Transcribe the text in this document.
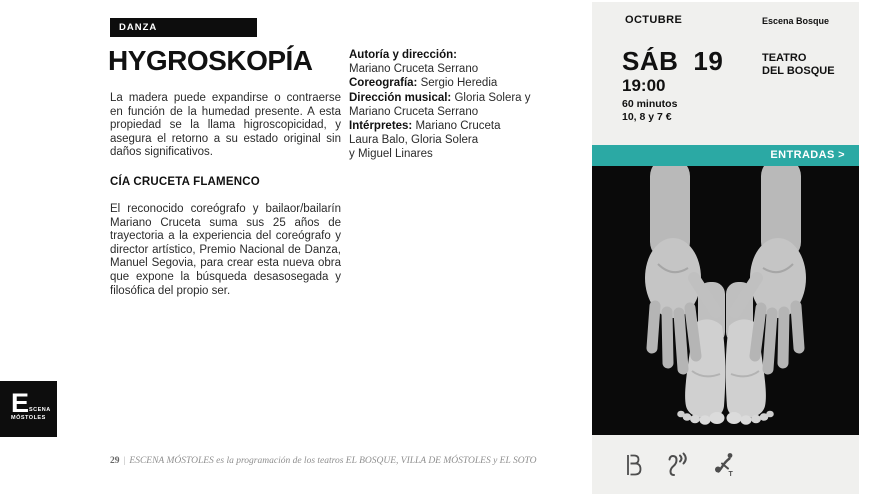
DANZA
HYGROSKOPÍA

La madera puede expandirse o contraerse en función de la humedad presente. A esta propiedad se la llama higroscopicidad, y asegura el retorno a su estado original sin daños significativos.

CÍA CRUCETA FLAMENCO

El reconocido coreógrafo y bailaor/bailarín Mariano Cruceta suma sus 25 años de trayectoria a la experiencia del coreógrafo y director artístico, Premio Nacional de Danza, Manuel Segovia, para crear esta nueva obra que expone la búsqueda desasosegada y filosófica del propio ser.

Autoría y dirección:
Mariano Cruceta Serrano
Coreografía: Sergio Heredia
Dirección musical: Gloria Solera y
Mariano Cruceta Serrano
Intérpretes: Mariano Cruceta
Laura Balo, Gloria Solera
y Miguel Linares
OCTUBRE	Escena Bosque
SÁB 19
19:00
60 minutos
10, 8 y 7 €
TEATRO
DEL BOSQUE
ENTRADAS >
T
E SCENA
MÓSTOLES
29 | ESCENA MÓSTOLES es la programación de los teatros EL BOSQUE, VILLA DE MÓSTOLES y EL SOTO
